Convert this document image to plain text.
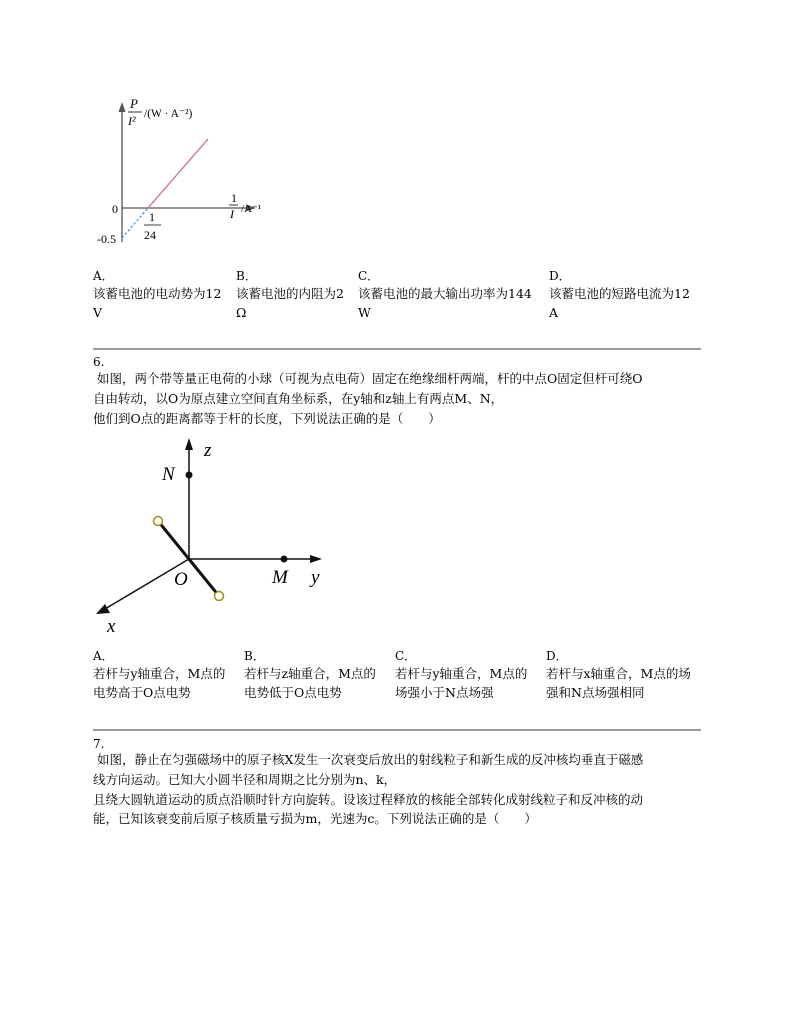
P
I² /(W · A⁻²)
1
I /A⁻¹
0
-0.5
1
24
A．
该蓄电池的电动势为12
V
B．
该蓄电池的内阻为2
Ω
C．
该蓄电池的最大输出功率为144
W
D．
该蓄电池的短路电流为12
A
6.
如图，两个带等量正电荷的小球（可视为点电荷）固定在绝缘细杆两端，杆的中点O固定但杆可绕O
自由转动，以O为原点建立空间直角坐标系，在y轴和z轴上有两点M、N，
他们到O点的距离都等于杆的长度，下列说法正确的是（　　）
z
N
O	M y
x
A．
若杆与y轴重合，M点的
电势高于O点电势
B．
若杆与z轴重合，M点的
电势低于O点电势
C．
若杆与y轴重合，M点的
场强小于N点场强
D．
若杆与x轴重合，M点的场
强和N点场强相同
7.
如图，静止在匀强磁场中的原子核X发生一次衰变后放出的射线粒子和新生成的反冲核均垂直于磁感
线方向运动。已知大小圆半径和周期之比分别为n、k，
且绕大圆轨道运动的质点沿顺时针方向旋转。设该过程释放的核能全部转化成射线粒子和反冲核的动
能，已知该衰变前后原子核质量亏损为m，光速为c。下列说法正确的是（　　）
